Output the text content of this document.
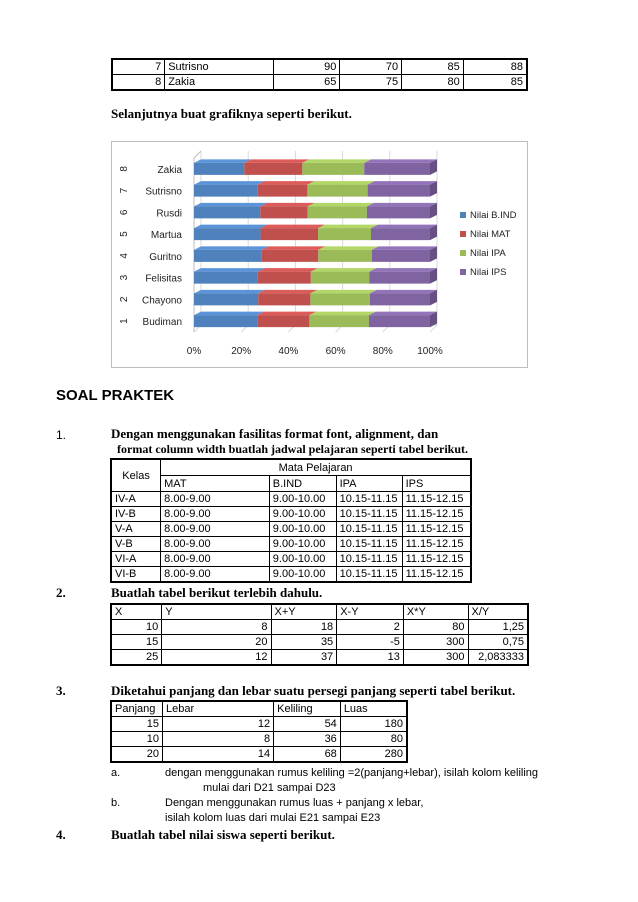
7	Sutrisno	90	70	85	88
8	Zakia	65	75	80	85
Selanjutnya buat grafiknya seperti berikut.
Budiman
1
Chayono
2
Felisitas
3
Guritno
4
Martua
5
Rusdi
6
Sutrisno
7
Zakia
8
0%	20%	40%	60%	80% 100%
Nilai B.IND
Nilai MAT
Nilai IPA
Nilai IPS
SOAL PRAKTEK
1.	Dengan menggunakan fasilitas format font, alignment, dan
format column width buatlah jadwal pelajaran seperti tabel berikut.
Kelas	Mata Pelajaran			
	MAT	B.IND	IPA	IPS
IV-A	8.00-9.00	9.00-10.00	10.15-11.15	11.15-12.15
IV-B	8.00-9.00	9.00-10.00	10.15-11.15	11.15-12.15
V-A	8.00-9.00	9.00-10.00	10.15-11.15	11.15-12.15
V-B	8.00-9.00	9.00-10.00	10.15-11.15	11.15-12.15
VI-A	8.00-9.00	9.00-10.00	10.15-11.15	11.15-12.15
VI-B	8.00-9.00	9.00-10.00	10.15-11.15	11.15-12.15
2.	Buatlah tabel berikut terlebih dahulu.
X	Y	X+Y	X-Y	X*Y	X/Y
10	8	18	2	80	1,25
15	20	35	-5	300	0,75
25	12	37	13	300	2,083333
3.	Diketahui panjang dan lebar suatu persegi panjang seperti tabel berikut.
Panjang	Lebar	Keliling	Luas
15	12	54	180
10	8	36	80
20	14	68	280
a.	dengan menggunakan rumus keliling =2(panjang+lebar), isilah kolom keliling
mulai dari D21 sampai D23
b.	Dengan menggunakan rumus luas + panjang x lebar,
isilah kolom luas dari mulai E21 sampai E23
4.	Buatlah tabel nilai siswa seperti berikut.
